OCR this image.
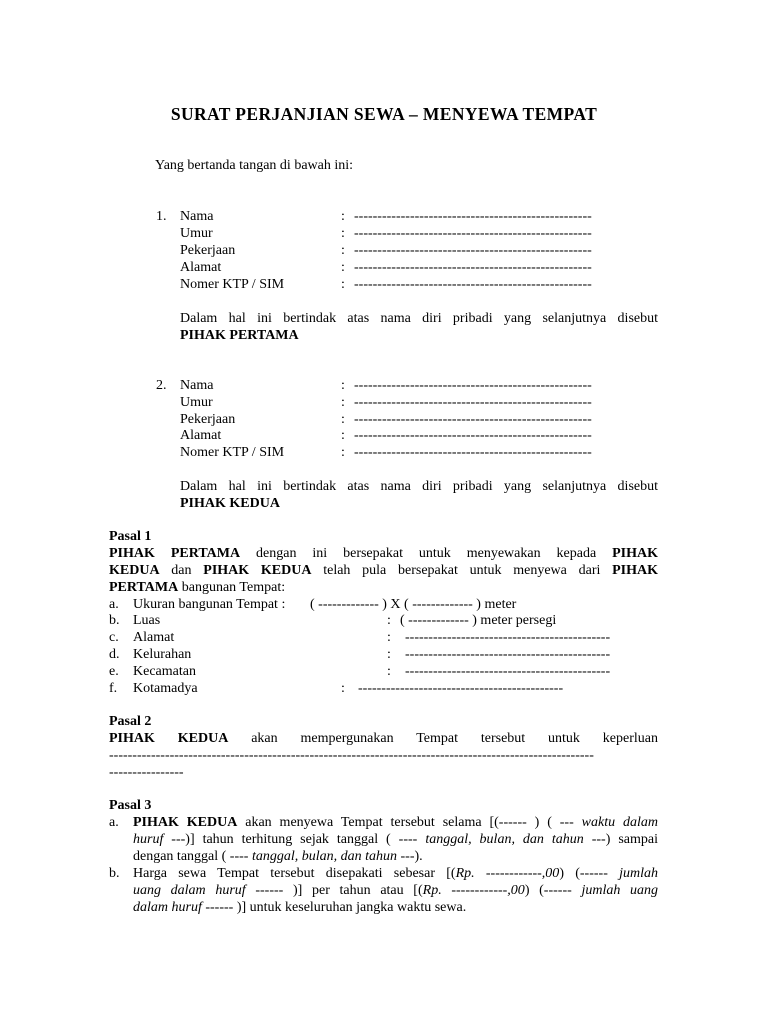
SURAT PERJANJIAN SEWA – MENYEWA TEMPAT
Yang bertanda tangan di bawah ini:
1. Nama	: ---------------------------------------------------
Umur	: ---------------------------------------------------
Pekerjaan	: ---------------------------------------------------
Alamat	: ---------------------------------------------------
Nomer KTP / SIM	: ---------------------------------------------------
Dalam hal ini bertindak atas nama diri pribadi yang selanjutnya disebut
PIHAK PERTAMA
2. Nama	: ---------------------------------------------------
Umur	: ---------------------------------------------------
Pekerjaan	: ---------------------------------------------------
Alamat	: ---------------------------------------------------
Nomer KTP / SIM	: ---------------------------------------------------
Dalam hal ini bertindak atas nama diri pribadi yang selanjutnya disebut
PIHAK KEDUA
Pasal 1
PIHAK PERTAMA dengan ini bersepakat untuk menyewakan kepada PIHAK
KEDUA dan PIHAK KEDUA telah pula bersepakat untuk menyewa dari PIHAK
PERTAMA bangunan Tempat:
a. Ukuran bangunan Tempat : ( ------------- ) X ( ------------- ) meter
b. Luas	: ( ------------- ) meter persegi
c. Alamat	: --------------------------------------------
d. Kelurahan	: --------------------------------------------
e. Kecamatan	: --------------------------------------------
f. Kotamadya	: --------------------------------------------
Pasal 2
PIHAK KEDUA akan mempergunakan Tempat tersebut untuk keperluan
--------------------------------------------------------------------------------------------------------
----------------
Pasal 3
a. PIHAK KEDUA akan menyewa Tempat tersebut selama [(------ ) ( --- waktu dalam
huruf ---)] tahun terhitung sejak tanggal ( ---- tanggal, bulan, dan tahun ---) sampai
dengan tanggal ( ---- tanggal, bulan, dan tahun ---).
b. Harga sewa Tempat tersebut disepakati sebesar [(Rp. ------------,00) (------ jumlah
uang dalam huruf ------ )] per tahun atau [(Rp. ------------,00) (------ jumlah uang
dalam huruf ------ )] untuk keseluruhan jangka waktu sewa.
